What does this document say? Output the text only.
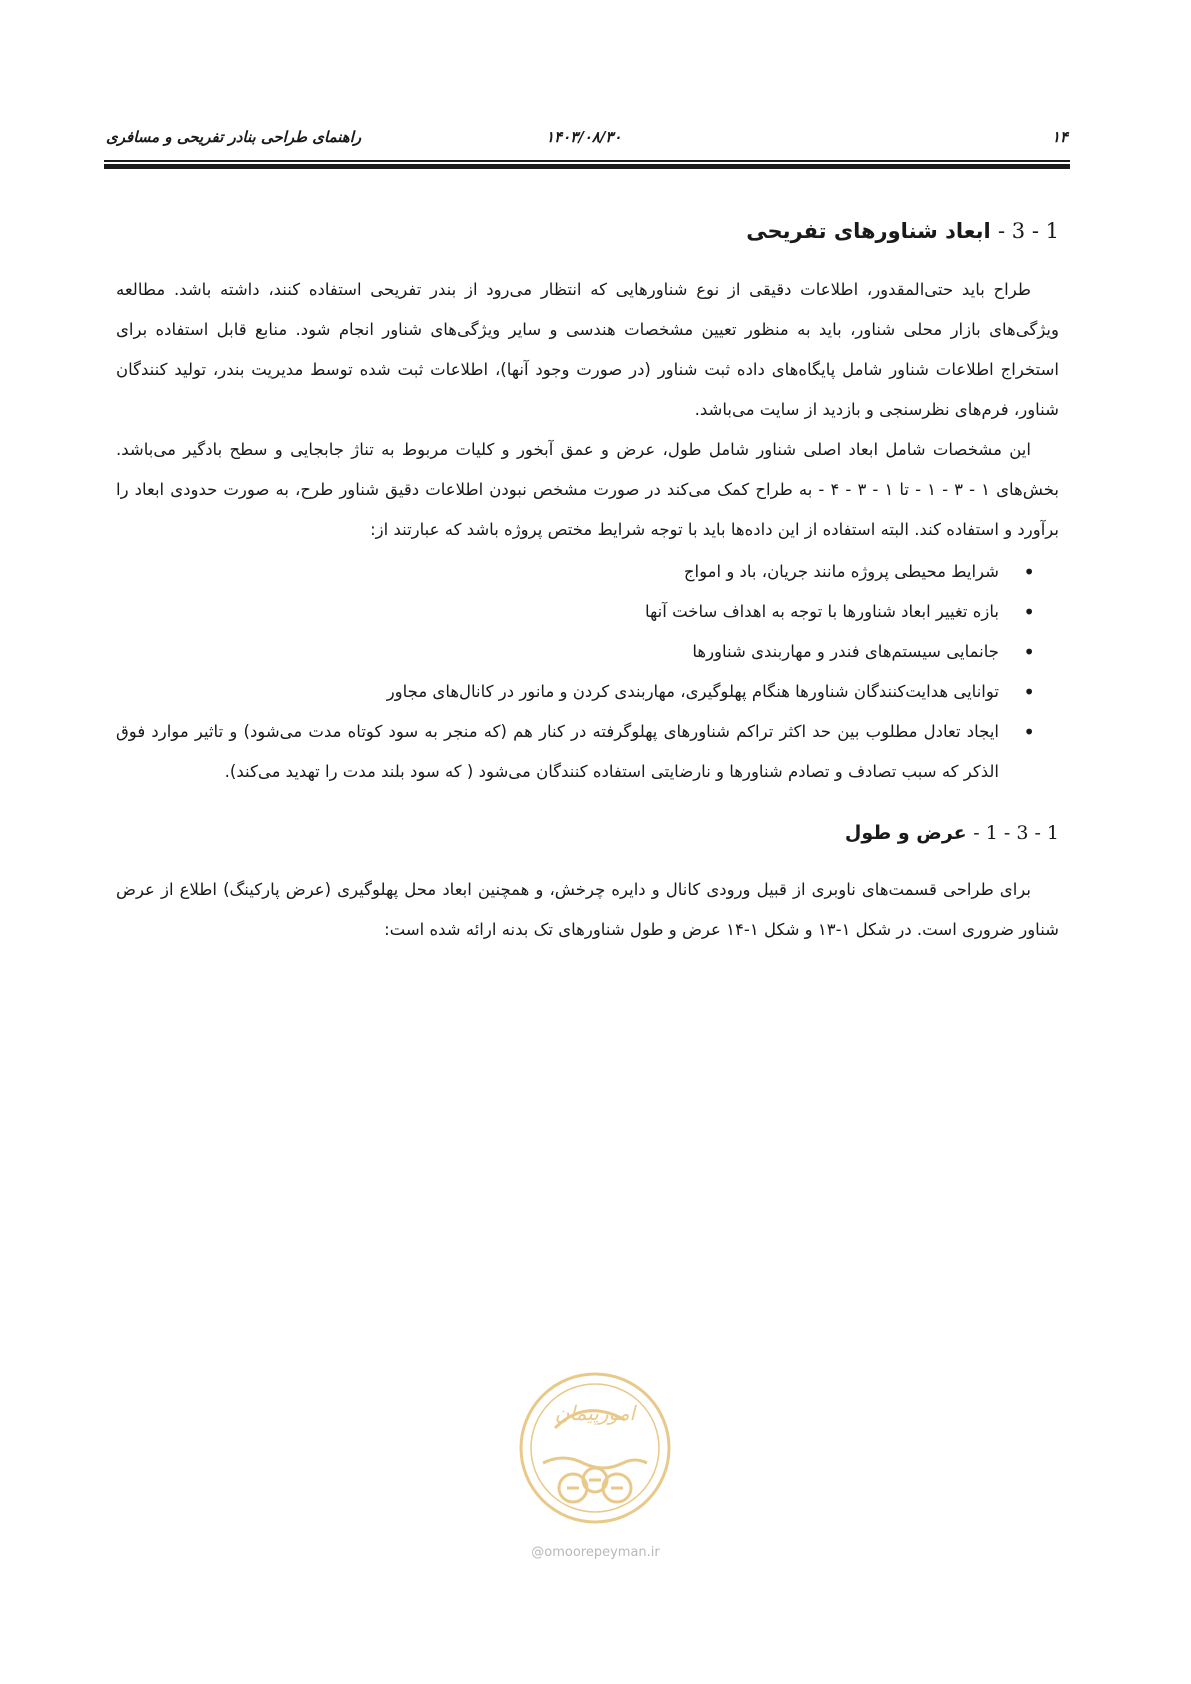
۱۴
۱۴۰۳/۰۸/۳۰
راهنمای طراحی بنادر تفریحی و مسافری
1 - 3 - ابعاد شناورهای تفریحی

طراح باید حتی‌المقدور، اطلاعات دقیقی از نوع شناورهایی که انتظار می‌رود از بندر تفریحی استفاده کنند، داشته باشد. مطالعه ویژگی‌های بازار محلی شناور، باید به منظور تعیین مشخصات هندسی و سایر ویژگی‌های شناور انجام شود. منابع قابل استفاده برای استخراج اطلاعات شناور شامل پایگاه‌های داده ثبت شناور (در صورت وجود آنها)، اطلاعات ثبت شده توسط مدیریت بندر، تولید کنندگان شناور، فرم‌های نظرسنجی و بازدید از سایت می‌باشد.

این مشخصات شامل ابعاد اصلی شناور شامل طول، عرض و عمق آبخور و کلیات مربوط به تناژ جابجایی و سطح بادگیر می‌باشد. بخش‌های ۱ - ۳ - ۱ - تا ۱ - ۳ - ۴ - به طراح کمک می‌کند در صورت مشخص نبودن اطلاعات دقیق شناور طرح، به صورت حدودی ابعاد را برآورد و استفاده کند. البته استفاده از این داده‌ها باید با توجه شرایط مختص پروژه باشد که عبارتند از:

• شرایط محیطی پروژه مانند جریان، باد و امواج
• بازه تغییر ابعاد شناورها با توجه به اهداف ساخت آنها
• جانمایی سیستم‌های فندر و مهاربندی شناورها
• توانایی هدایت‌کنندگان شناورها هنگام پهلوگیری، مهاربندی کردن و مانور در کانال‌های مجاور
• ایجاد تعادل مطلوب بین حد اکثر تراکم شناورهای پهلوگرفته در کنار هم (که منجر به سود کوتاه مدت می‌شود) و تاثیر موارد فوق الذکر که سبب تصادف و تصادم شناورها و نارضایتی استفاده کنندگان می‌شود ( که سود بلند مدت را تهدید می‌کند).
1 - 3 - 1 - عرض و طول

برای طراحی قسمت‌های ناوبری از قبیل ورودی کانال و دایره چرخش، و همچنین ابعاد محل پهلوگیری (عرض پارکینگ) اطلاع از عرض شناور ضروری است. در شکل ۱-۱۳ و شکل ۱-۱۴ عرض و طول شناورهای تک بدنه ارائه شده است:

امورپیمان
@omoorepeyman.ir
